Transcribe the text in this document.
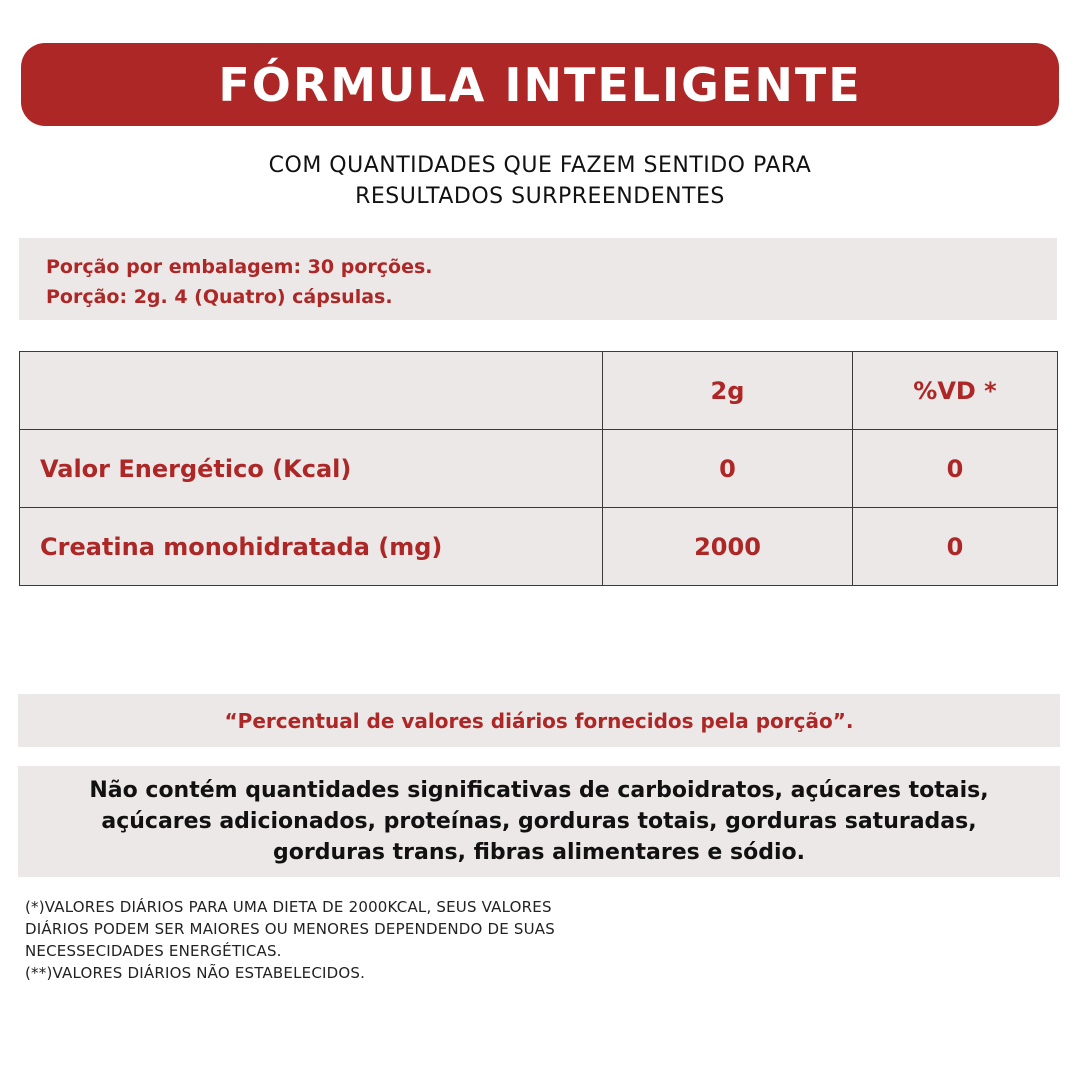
FÓRMULA INTELIGENTE
COM QUANTIDADES QUE FAZEM SENTIDO PARA
RESULTADOS SURPREENDENTES
Porção por embalagem: 30 porções.
Porção: 2g. 4 (Quatro) cápsulas.
	2g	%VD *
Valor Energético (Kcal)	0	0
Creatina monohidratada (mg)	2000	0
“Percentual de valores diários fornecidos pela porção”.
Não contém quantidades significativas de carboidratos, açúcares totais, açúcares adicionados, proteínas, gorduras totais, gorduras saturadas, gorduras trans, fibras alimentares e sódio.
(*)VALORES DIÁRIOS PARA UMA DIETA DE 2000KCAL, SEUS VALORES
DIÁRIOS PODEM SER MAIORES OU MENORES DEPENDENDO DE SUAS
NECESSECIDADES ENERGÉTICAS.
(**)VALORES DIÁRIOS NÃO ESTABELECIDOS.
